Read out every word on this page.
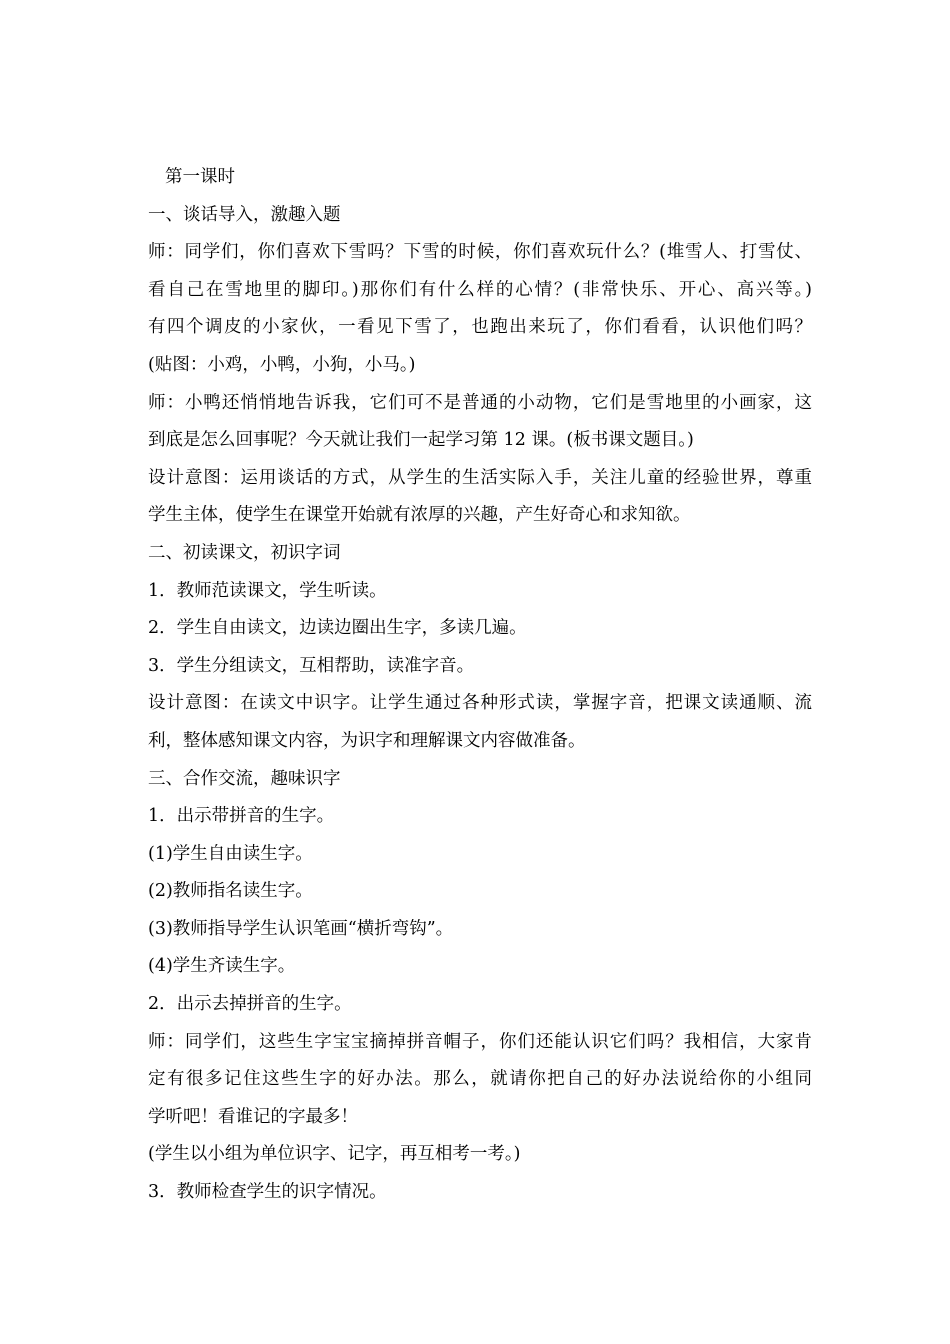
第一课时
一、谈话导入，激趣入题
师：同学们，你们喜欢下雪吗？下雪的时候，你们喜欢玩什么？(堆雪人、打雪仗、
看自己在雪地里的脚印。)那你们有什么样的心情？(非常快乐、开心、高兴等。)
有四个调皮的小家伙，一看见下雪了，也跑出来玩了，你们看看，认识他们吗？
(贴图：小鸡，小鸭，小狗，小马。)
师：小鸭还悄悄地告诉我，它们可不是普通的小动物，它们是雪地里的小画家，这
到底是怎么回事呢？今天就让我们一起学习第 12 课。(板书课文题目。)
设计意图：运用谈话的方式，从学生的生活实际入手，关注儿童的经验世界，尊重
学生主体，使学生在课堂开始就有浓厚的兴趣，产生好奇心和求知欲。
二、初读课文，初识字词
1．教师范读课文，学生听读。
2．学生自由读文，边读边圈出生字，多读几遍。
3．学生分组读文，互相帮助，读准字音。
设计意图：在读文中识字。让学生通过各种形式读，掌握字音，把课文读通顺、流
利，整体感知课文内容，为识字和理解课文内容做准备。
三、合作交流，趣味识字
1．出示带拼音的生字。
(1)学生自由读生字。
(2)教师指名读生字。
(3)教师指导学生认识笔画“横折弯钩”。
(4)学生齐读生字。
2．出示去掉拼音的生字。
师：同学们，这些生字宝宝摘掉拼音帽子，你们还能认识它们吗？我相信，大家肯
定有很多记住这些生字的好办法。那么，就请你把自己的好办法说给你的小组同
学听吧！看谁记的字最多！
(学生以小组为单位识字、记字，再互相考一考。)
3．教师检查学生的识字情况。
